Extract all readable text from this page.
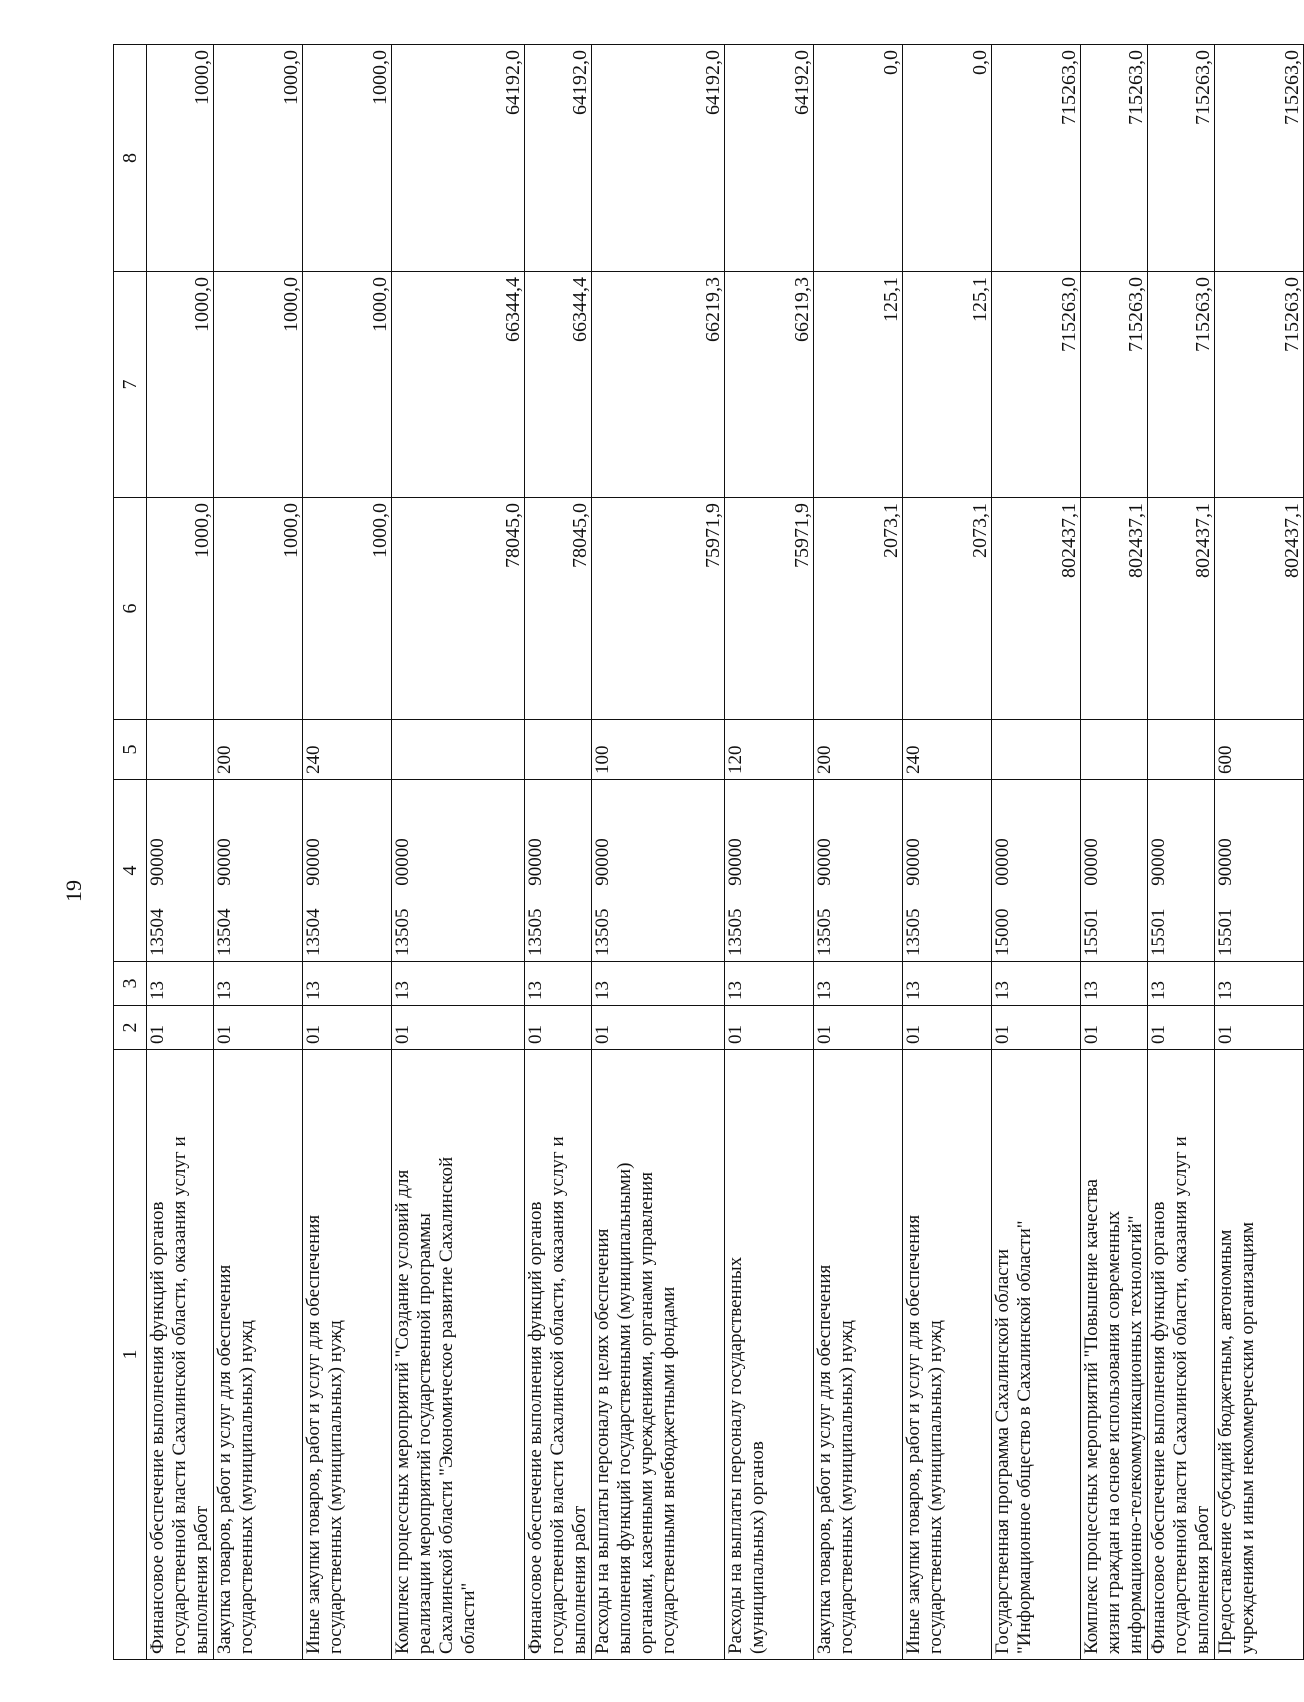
19
1	2	3	4	5	6	7	8
Финансовое обеспечение выполнения функций органов
государственной власти Сахалинской области, оказания услуг и
выполнения работ	01	13	13504 90000		1000,0	1000,0	1000,0
Закупка товаров, работ и услуг для обеспечения
государственных (муниципальных) нужд	01	13	13504 90000	200	1000,0	1000,0	1000,0
Иные закупки товаров, работ и услуг для обеспечения
государственных (муниципальных) нужд	01	13	13504 90000	240	1000,0	1000,0	1000,0
Комплекс процессных мероприятий "Создание условий для
реализации мероприятий государственной программы
Сахалинской области "Экономическое развитие Сахалинской
области"	01	13	13505 00000		78045,0	66344,4	64192,0
Финансовое обеспечение выполнения функций органов
государственной власти Сахалинской области, оказания услуг и
выполнения работ	01	13	13505 90000		78045,0	66344,4	64192,0
Расходы на выплаты персоналу в целях обеспечения
выполнения функций государственными (муниципальными)
органами, казенными учреждениями, органами управления
государственными внебюджетными фондами	01	13	13505 90000	100	75971,9	66219,3	64192,0
Расходы на выплаты персоналу государственных
(муниципальных) органов	01	13	13505 90000	120	75971,9	66219,3	64192,0
Закупка товаров, работ и услуг для обеспечения
государственных (муниципальных) нужд	01	13	13505 90000	200	2073,1	125,1	0,0
Иные закупки товаров, работ и услуг для обеспечения
государственных (муниципальных) нужд	01	13	13505 90000	240	2073,1	125,1	0,0
Государственная программа Сахалинской области
"Информационное общество в Сахалинской области"	01	13	15000 00000		802437,1	715263,0	715263,0
Комплекс процессных мероприятий "Повышение качества
жизни граждан на основе использования современных
информационно-телекоммуникационных технологий"	01	13	15501 00000		802437,1	715263,0	715263,0
Финансовое обеспечение выполнения функций органов
государственной власти Сахалинской области, оказания услуг и
выполнения работ	01	13	15501 90000		802437,1	715263,0	715263,0
Предоставление субсидий бюджетным, автономным
учреждениям и иным некоммерческим организациям	01	13	15501 90000	600	802437,1	715263,0	715263,0
